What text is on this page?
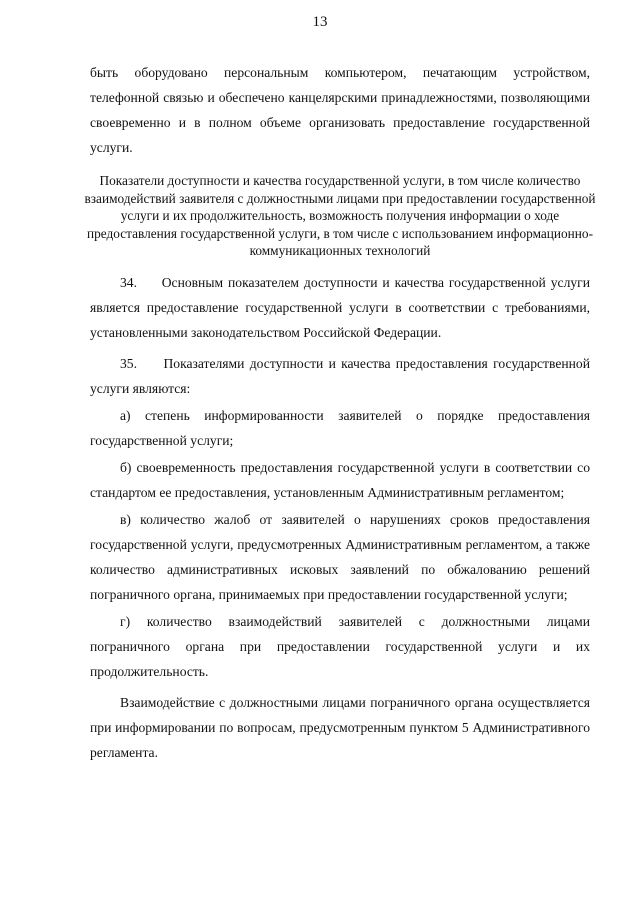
13

быть оборудовано персональным компьютером, печатающим устройством, телефонной связью и обеспечено канцелярскими принадлежностями, позволяющими своевременно и в полном объеме организовать предоставление государственной услуги.

Показатели доступности и качества государственной услуги, в том числе количество взаимодействий заявителя с должностными лицами при предоставлении государственной услуги и их продолжительность, возможность получения информации о ходе предоставления государственной услуги, в том числе с использованием информационно-коммуникационных технологий

34. Основным показателем доступности и качества государственной услуги является предоставление государственной услуги в соответствии с требованиями, установленными законодательством Российской Федерации.

35. Показателями доступности и качества предоставления государственной услуги являются:

а) степень информированности заявителей о порядке предоставления государственной услуги;

б) своевременность предоставления государственной услуги в соответствии со стандартом ее предоставления, установленным Административным регламентом;

в) количество жалоб от заявителей о нарушениях сроков предоставления государственной услуги, предусмотренных Административным регламентом, а также количество административных исковых заявлений по обжалованию решений пограничного органа, принимаемых при предоставлении государственной услуги;

г) количество взаимодействий заявителей с должностными лицами пограничного органа при предоставлении государственной услуги и их продолжительность.

Взаимодействие с должностными лицами пограничного органа осуществляется при информировании по вопросам, предусмотренным пунктом 5 Административного регламента.
